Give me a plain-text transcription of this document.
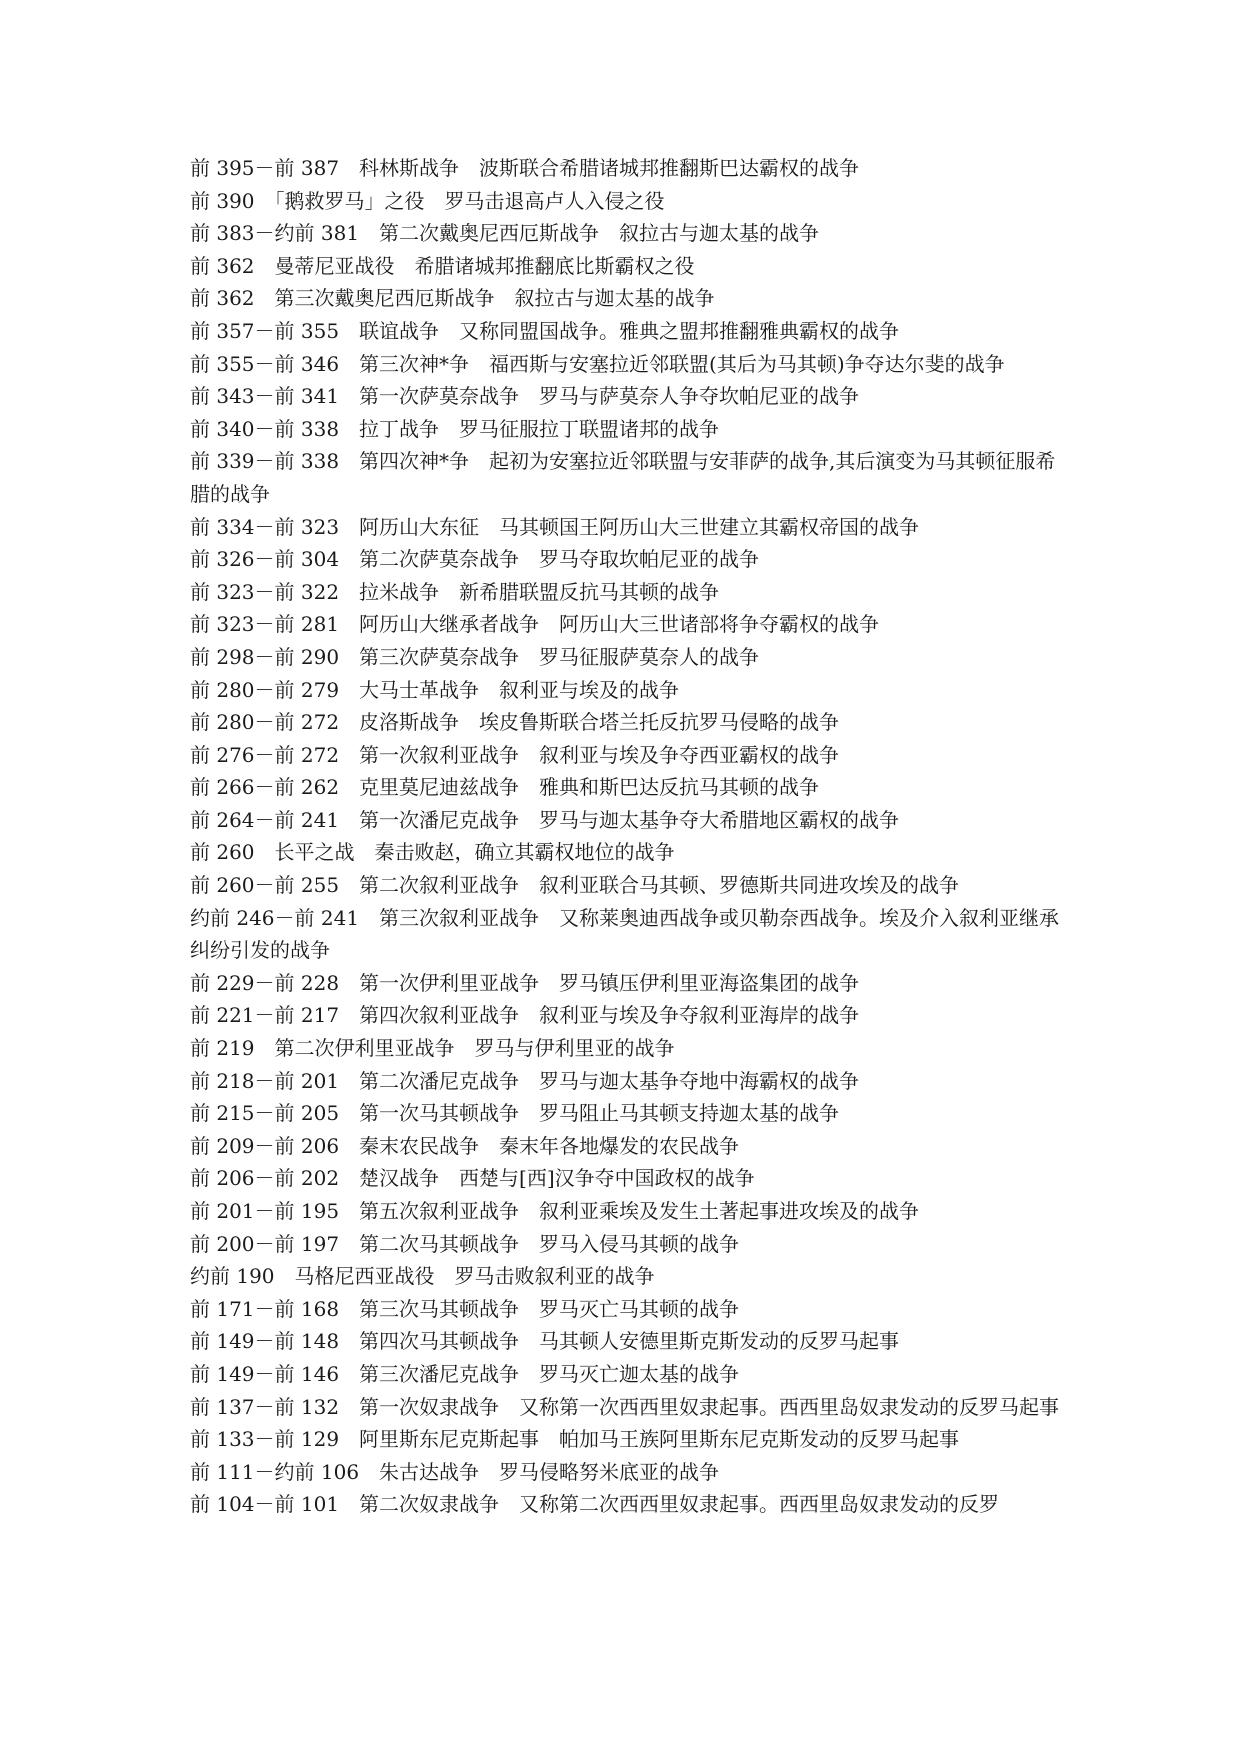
前 395－前 387　科林斯战争　波斯联合希腊诸城邦推翻斯巴达霸权的战争

前 390　「鹅救罗马」之役　罗马击退高卢人入侵之役

前 383－约前 381　第二次戴奥尼西厄斯战争　叙拉古与迦太基的战争

前 362　曼蒂尼亚战役　希腊诸城邦推翻底比斯霸权之役

前 362　第三次戴奥尼西厄斯战争　叙拉古与迦太基的战争

前 357－前 355　联谊战争　又称同盟国战争。雅典之盟邦推翻雅典霸权的战争

前 355－前 346　第三次神*争　福西斯与安塞拉近邻联盟(其后为马其顿)争夺达尔斐的战争

前 343－前 341　第一次萨莫奈战争　罗马与萨莫奈人争夺坎帕尼亚的战争

前 340－前 338　拉丁战争　罗马征服拉丁联盟诸邦的战争

前 339－前 338　第四次神*争　起初为安塞拉近邻联盟与安菲萨的战争,其后演变为马其顿征服希腊的战争

前 334－前 323　阿历山大东征　马其顿国王阿历山大三世建立其霸权帝国的战争

前 326－前 304　第二次萨莫奈战争　罗马夺取坎帕尼亚的战争

前 323－前 322　拉米战争　新希腊联盟反抗马其顿的战争

前 323－前 281　阿历山大继承者战争　阿历山大三世诸部将争夺霸权的战争

前 298－前 290　第三次萨莫奈战争　罗马征服萨莫奈人的战争

前 280－前 279　大马士革战争　叙利亚与埃及的战争

前 280－前 272　皮洛斯战争　埃皮鲁斯联合塔兰托反抗罗马侵略的战争

前 276－前 272　第一次叙利亚战争　叙利亚与埃及争夺西亚霸权的战争

前 266－前 262　克里莫尼迪兹战争　雅典和斯巴达反抗马其顿的战争

前 264－前 241　第一次潘尼克战争　罗马与迦太基争夺大希腊地区霸权的战争

前 260　长平之战　秦击败赵，确立其霸权地位的战争

前 260－前 255　第二次叙利亚战争　叙利亚联合马其顿、罗德斯共同进攻埃及的战争

约前 246－前 241　第三次叙利亚战争　又称莱奥迪西战争或贝勒奈西战争。埃及介入叙利亚继承纠纷引发的战争

前 229－前 228　第一次伊利里亚战争　罗马镇压伊利里亚海盗集团的战争

前 221－前 217　第四次叙利亚战争　叙利亚与埃及争夺叙利亚海岸的战争

前 219　第二次伊利里亚战争　罗马与伊利里亚的战争

前 218－前 201　第二次潘尼克战争　罗马与迦太基争夺地中海霸权的战争

前 215－前 205　第一次马其顿战争　罗马阻止马其顿支持迦太基的战争

前 209－前 206　秦末农民战争　秦末年各地爆发的农民战争

前 206－前 202　楚汉战争　西楚与[西]汉争夺中国政权的战争

前 201－前 195　第五次叙利亚战争　叙利亚乘埃及发生土著起事进攻埃及的战争

前 200－前 197　第二次马其顿战争　罗马入侵马其顿的战争

约前 190　马格尼西亚战役　罗马击败叙利亚的战争

前 171－前 168　第三次马其顿战争　罗马灭亡马其顿的战争

前 149－前 148　第四次马其顿战争　马其顿人安德里斯克斯发动的反罗马起事

前 149－前 146　第三次潘尼克战争　罗马灭亡迦太基的战争

前 137－前 132　第一次奴隶战争　又称第一次西西里奴隶起事。西西里岛奴隶发动的反罗马起事

前 133－前 129　阿里斯东尼克斯起事　帕加马王族阿里斯东尼克斯发动的反罗马起事

前 111－约前 106　朱古达战争　罗马侵略努米底亚的战争

前 104－前 101　第二次奴隶战争　又称第二次西西里奴隶起事。西西里岛奴隶发动的反罗
